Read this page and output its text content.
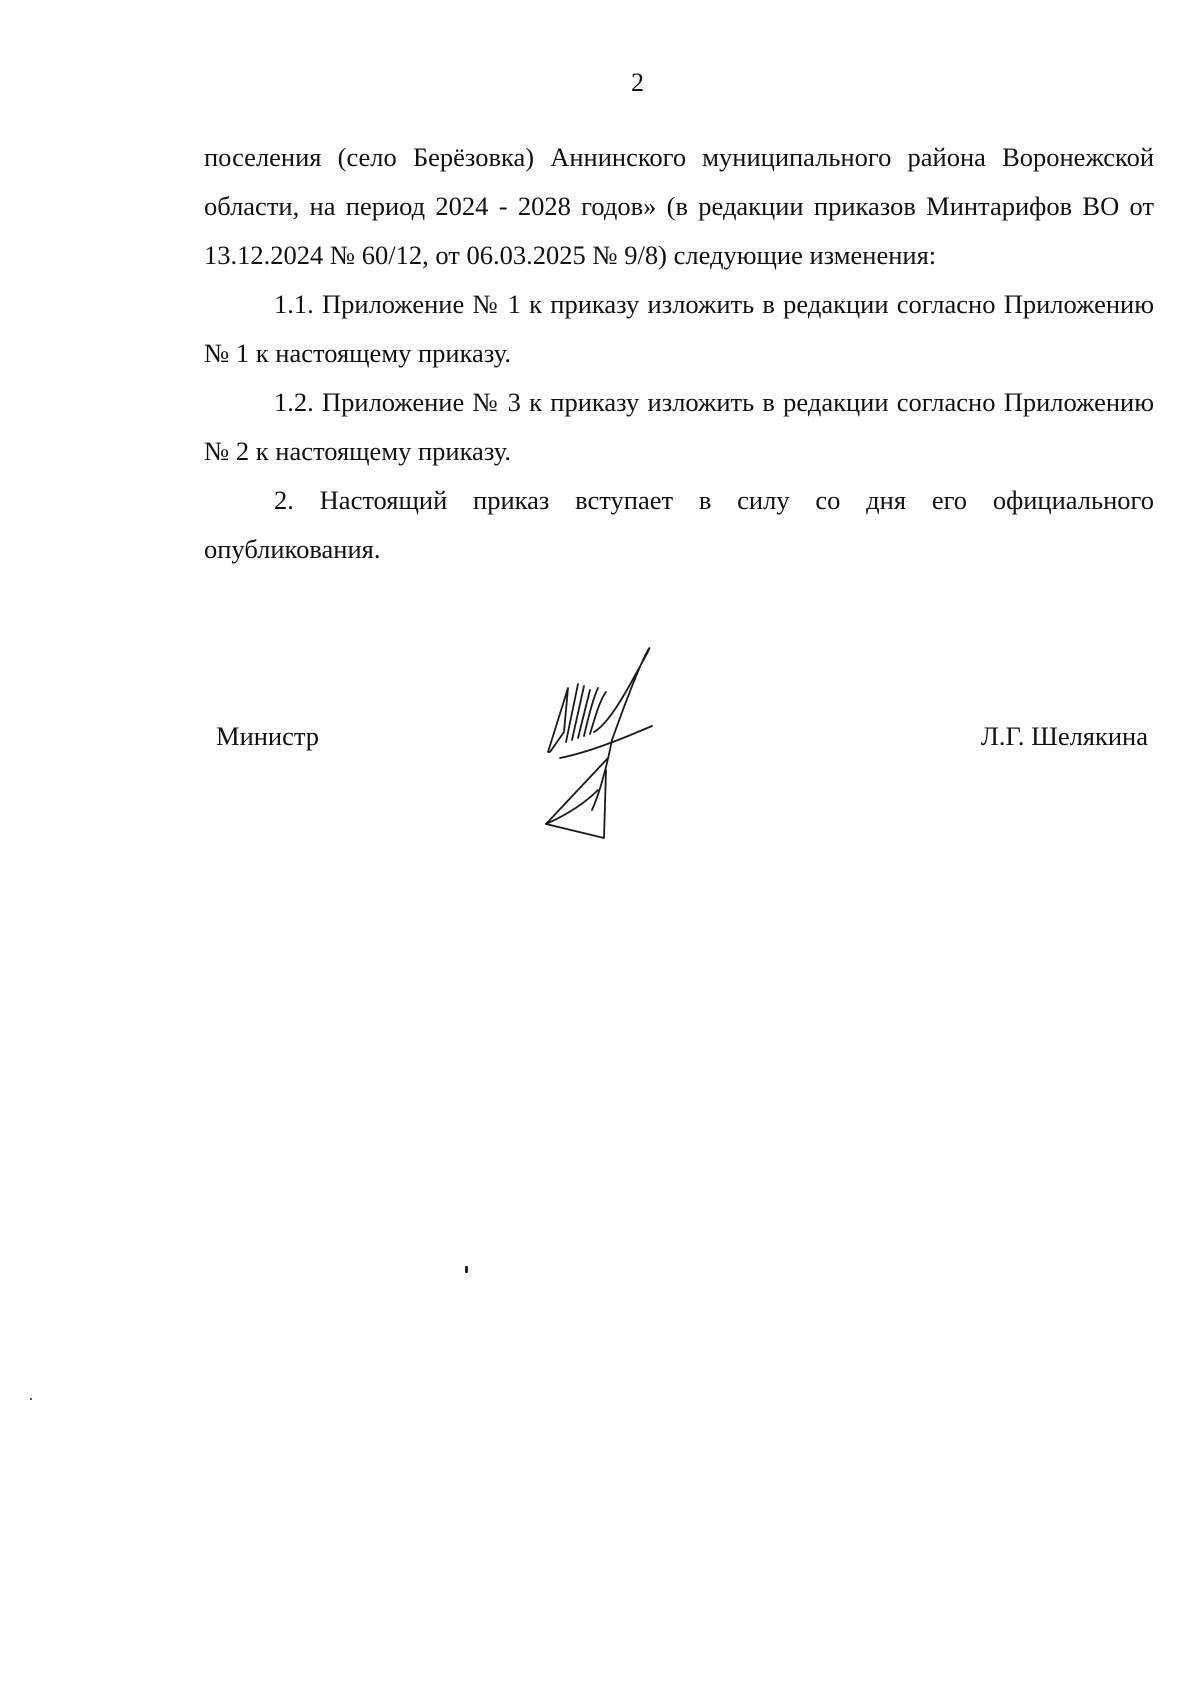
2

поселения (село Берёзовка) Аннинского муниципального района Воронежской области, на период 2024 - 2028 годов» (в редакции приказов Минтарифов ВО от 13.12.2024 № 60/12, от 06.03.2025 № 9/8) следующие изменения:

1.1. Приложение № 1 к приказу изложить в редакции согласно Приложению № 1 к настоящему приказу.

1.2. Приложение № 3 к приказу изложить в редакции согласно Приложению № 2 к настоящему приказу.

2. Настоящий приказ вступает в силу со дня его официального опубликования.

Министр	Л.Г. Шелякина
